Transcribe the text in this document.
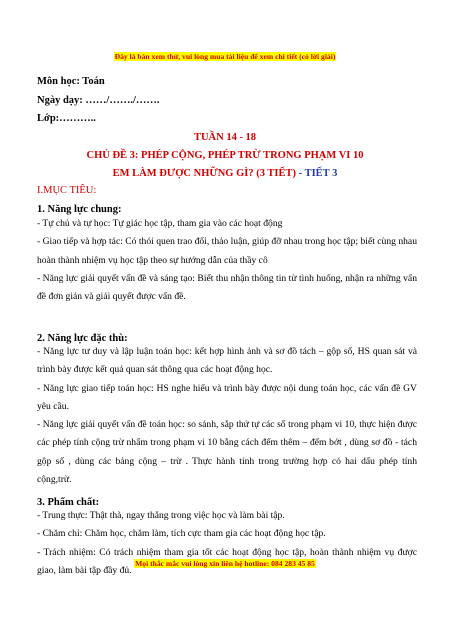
Đây là bản xem thử, vui lòng mua tài liệu để xem chi tiết (có lời giải)
Môn học: Toán
Ngày dạy: ……/……./…….
Lớp:………..
TUẦN 14 - 18
CHỦ ĐỀ 3: PHÉP CỘNG, PHÉP TRỪ TRONG PHẠM VI 10
EM LÀM ĐƯỢC NHỮNG GÌ? (3 TIẾT) - TIẾT 3
I.MỤC TIÊU:
1. Năng lực chung:

- Tự chủ và tự học: Tự giác học tập, tham gia vào các hoạt động

- Giao tiếp và hợp tác: Có thói quen trao đổi, thảo luận, giúp đỡ nhau trong học tập; biết cùng nhau hoàn thành nhiệm vụ học tập theo sự hướng dẫn của thầy cô

- Năng lực giải quyết vấn đề và sáng tạo: Biết thu nhận thông tin từ tình huống, nhận ra những vấn đề đơn giản và giải quyết được vấn đề.

2. Năng lực đặc thù:

- Năng lực tư duy và lập luận toán học: kết hợp hình ảnh và sơ đồ tách – gộp số, HS quan sát và trình bày được kết quả quan sát thông qua các hoạt động học.

- Năng lực giao tiếp toán học: HS nghe hiểu và trình bày được nội dung toán học, các vấn đề GV yêu cầu.

- Năng lực giải quyết vấn đề toán học: so sánh, sắp thứ tự các số trong phạm vi 10, thực hiện được các phép tính cộng trừ nhẩm trong phạm vi 10 bằng cách đếm thêm – đếm bớt , dùng sơ đồ - tách gộp số , dùng các bảng cộng – trừ . Thực hành tính trong trường hợp có hai dấu phép tính cộng,trừ.

3. Phẩm chất:

- Trung thực: Thật thà, ngay thẳng trong việc học và làm bài tập.

- Chăm chỉ: Chăm học, chăm làm, tích cực tham gia các hoạt động học tập.

- Trách nhiệm: Có trách nhiệm tham gia tốt các hoạt động học tập, hoàn thành nhiệm vụ được giao, làm bài tập đầy đủ.

Mọi thắc mắc vui lòng xin liên hệ hotline: 084 283 45 85
